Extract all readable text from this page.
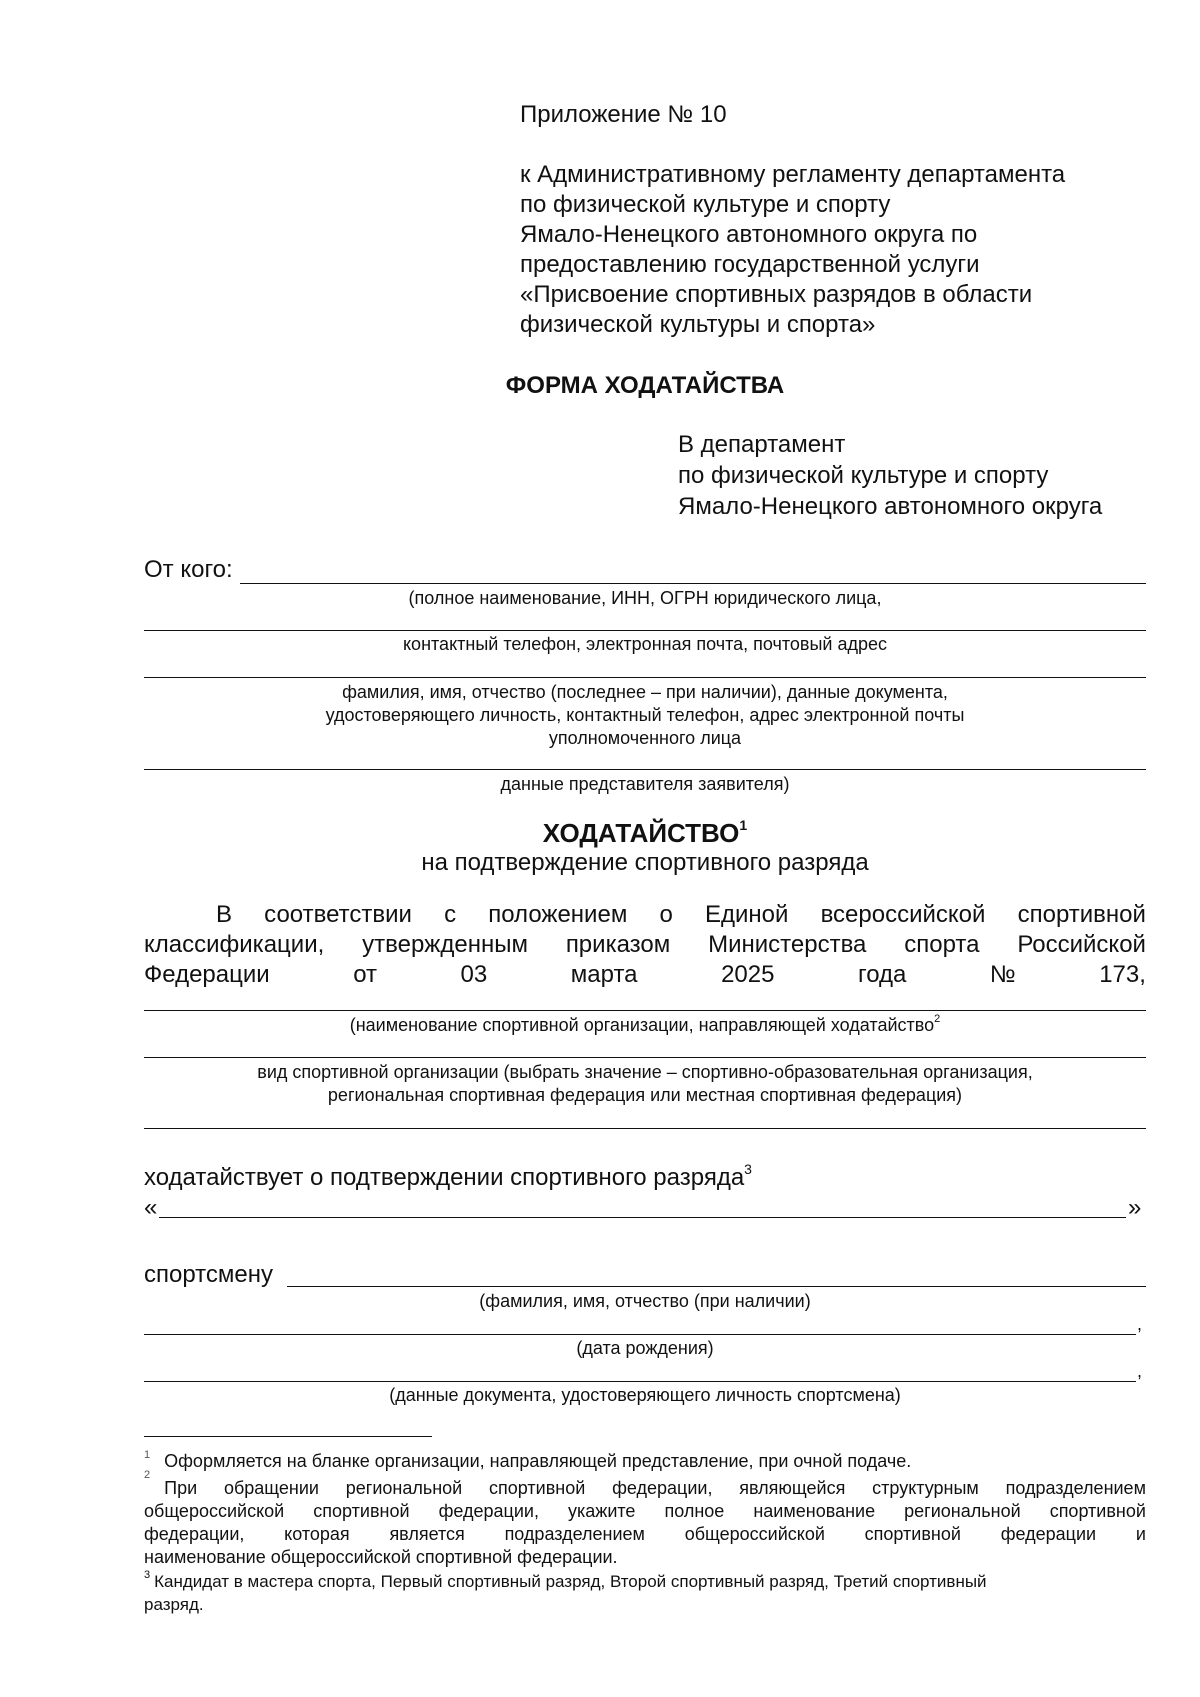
Приложение № 10
к Административному регламенту департамента
по физической культуре и спорту
Ямало-Ненецкого автономного округа по
предоставлению государственной услуги
«Присвоение спортивных разрядов в области
физической культуры и спорта»
ФОРМА ХОДАТАЙСТВА
В департамент
по физической культуре и спорту
Ямало-Ненецкого автономного округа
От кого:
(полное наименование, ИНН, ОГРН юридического лица,
контактный телефон, электронная почта, почтовый адрес
фамилия, имя, отчество (последнее – при наличии), данные документа,
удостоверяющего личность, контактный телефон, адрес электронной почты
уполномоченного лица
данные представителя заявителя)
ХОДАТАЙСТВО$^1$
на подтверждение спортивного разряда
В соответствии с положением о Единой всероссийской спортивной
классификации, утвержденным приказом Министерства спорта Российской
Федерации	от	03	марта	2025	года	№	173,
(наименование спортивной организации, направляющей ходатайство$^2$
вид спортивной организации (выбрать значение – спортивно-образовательная организация,
региональная спортивная федерация или местная спортивная федерация)
ходатайствует о подтверждении спортивного разряда$^3$
«	»
спортсмену
(фамилия, имя, отчество (при наличии)
,
(дата рождения)
,
(данные документа, удостоверяющего личность спортсмена)
$^1$ Оформляется на бланке организации, направляющей представление, при очной подаче.
$^2$
При обращении региональной спортивной федерации, являющейся структурным подразделением
общероссийской спортивной федерации, укажите полное наименование региональной спортивной
федерации, которая является подразделением общероссийской спортивной федерации и
наименование общероссийской спортивной федерации.
$^3$ Кандидат в мастера спорта, Первый спортивный разряд, Второй спортивный разряд, Третий спортивный
разряд.
